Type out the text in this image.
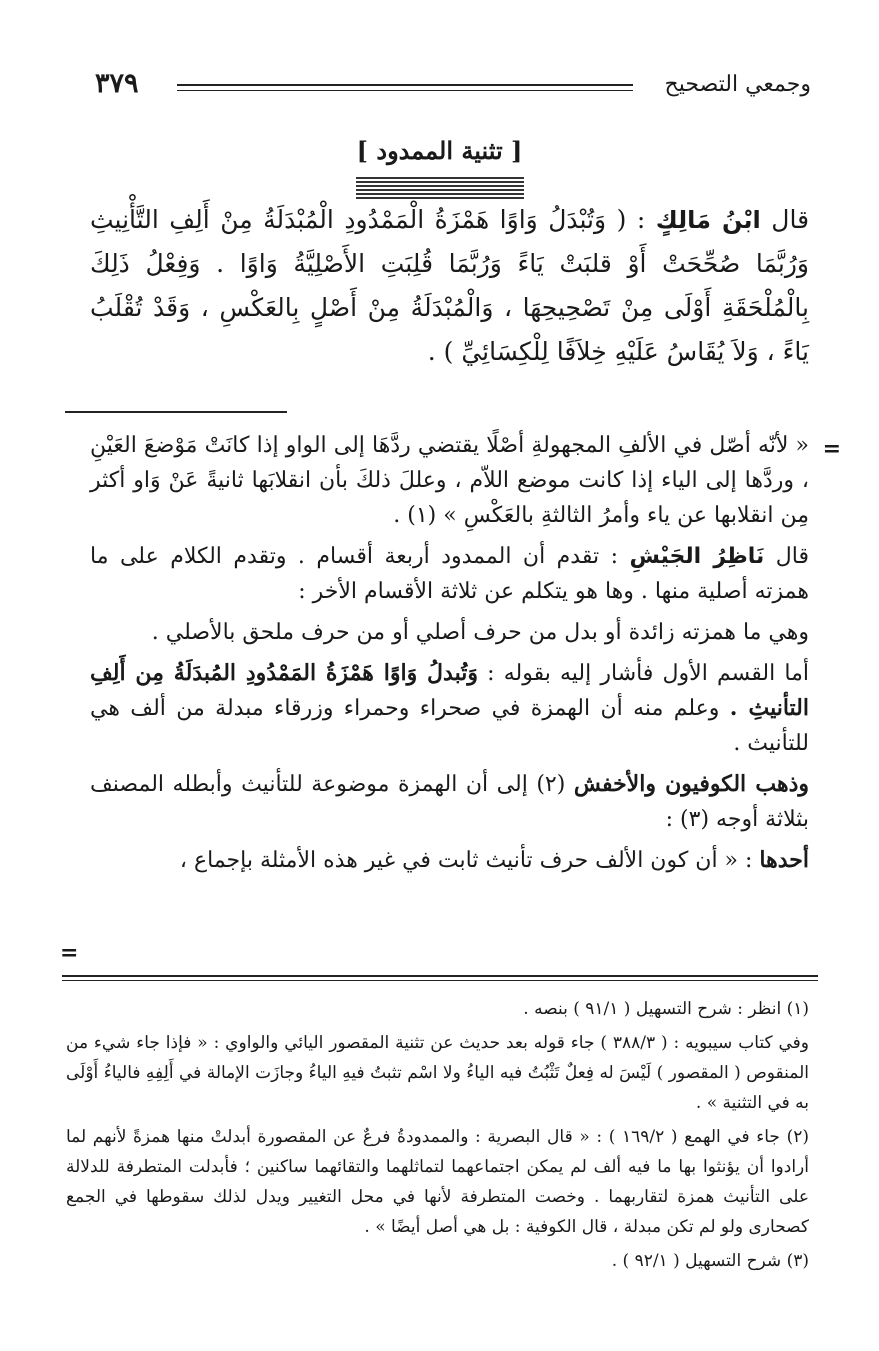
وجمعي التصحيح
٣٧٩
[ تثنية الممدود ]
قال ابْنُ مَالِكٍ : ( وَتُبْدَلُ وَاوًا هَمْزَةُ الْمَمْدُودِ الْمُبْدَلَةُ مِنْ أَلِفِ التَّأْنِيثِ وَرُبَّمَا صُحِّحَتْ أَوْ قلبَتْ يَاءً وَرُبَّمَا قُلِبَتِ الأَصْلِيَّةُ وَاوًا . وَفِعْلُ ذَلِكَ بِالْمُلْحَقَةِ أَوْلَى مِنْ تَصْحِيحِهَا ، وَالْمُبْدَلَةُ مِنْ أَصْلٍ بِالعَكْسِ ، وَقَدْ تُقْلَبُ يَاءً ، وَلاَ يُقَاسُ عَلَيْهِ خِلاَفًا لِلْكِسَائِيِّ ) .
=

« لأنّه أصّل في الألفِ المجهولةِ أصْلًا يقتضي ردَّهَا إلى الواو إذا كانَتْ مَوْضعَ العَيْنِ ، وردَّها إلى الياء إذا كانت موضع اللاّم ، وعللَ ذلكَ بأن انقلابَها ثانيةً عَنْ وَاو أكثر مِن انقلابها عن ياء وأمرُ الثالثةِ بالعَكْسِ » (١) .

قال نَاظِرُ الجَيْشِ : تقدم أن الممدود أربعة أقسام . وتقدم الكلام على ما همزته أصلية منها . وها هو يتكلم عن ثلاثة الأقسام الأخر :

وهي ما همزته زائدة أو بدل من حرف أصلي أو من حرف ملحق بالأصلي .

أما القسم الأول فأشار إليه بقوله : وَتُبدلُ وَاوًا هَمْزَةُ المَمْدُودِ المُبدَلَةُ مِن أَلِفِ التأنيثِ . وعلم منه أن الهمزة في صحراء وحمراء وزرقاء مبدلة من ألف هي للتأنيث .

وذهب الكوفيون والأخفش (٢) إلى أن الهمزة موضوعة للتأنيث وأبطله المصنف بثلاثة أوجه (٣) :

أحدها : « أن كون الألف حرف تأنيث ثابت في غير هذه الأمثلة بإجماع ،

=

(١) انظر : شرح التسهيل ( ٩١/١ ) بنصه .

وفي كتاب سيبويه : ( ٣٨٨/٣ ) جاء قوله بعد حديث عن تثنية المقصور اليائي والواوي : « فإذا جاء شيء من المنقوص ( المقصور ) لَيْسَ له فِعلٌ تَثْبُتُ فيه الياءُ ولا اسْم تثبتُ فيهِ الياءُ وجازَت الإمالة في أَلِفِهِ فالياءُ أَوْلَى به في التثنية » .

(٢) جاء في الهمع ( ١٦٩/٢ ) : « قال البصرية : والممدودةُ فرعٌ عن المقصورة أبدلتْ منها همزةً لأنهم لما أرادوا أن يؤنثوا بها ما فيه ألف لم يمكن اجتماعهما لتماثلهما والتقائهما ساكنين ؛ فأبدلت المتطرفة للدلالة على التأنيث همزة لتقاربهما . وخصت المتطرفة لأنها في محل التغيير ويدل لذلك سقوطها في الجمع كصحارى ولو لم تكن مبدلة ، قال الكوفية : بل هي أصل أيضًا » .

(٣) شرح التسهيل ( ٩٢/١ ) .
